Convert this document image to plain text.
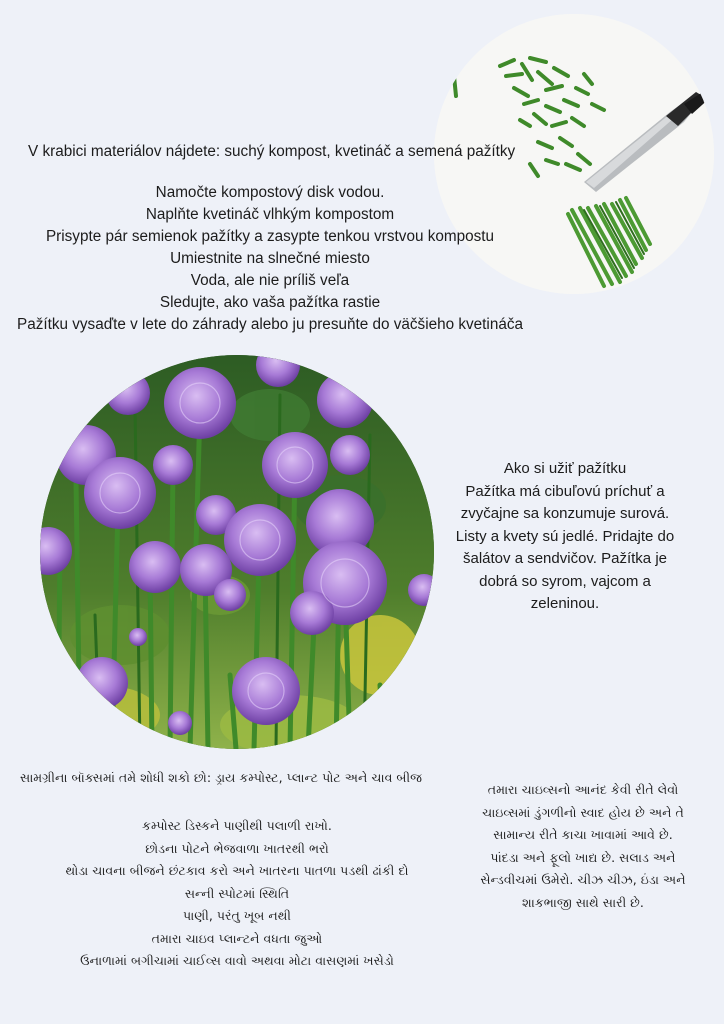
V krabici materiálov nájdete: suchý kompost, kvetináč a semená pažítky
Namočte kompostový disk vodou.
Naplňte kvetináč vlhkým kompostom
Prisypte pár semienok pažítky a zasypte tenkou vrstvou kompostu
Umiestnite na slnečné miesto
Voda, ale nie príliš veľa
Sledujte, ako vaša pažítka rastie
Pažítku vysaďte v lete do záhrady alebo ju presuňte do väčšieho kvetináča
Ako si užiť pažítku
Pažítka má cibuľovú príchuť a zvyčajne sa konzumuje surová. Listy a kvety sú jedlé. Pridajte do šalátov a sendvičov. Pažítka je dobrá so syrom, vajcom a zeleninou.
સામગ્રીના બૉક્સમાં તમે શોધી શકો છો: ડ્રાય કમ્પોસ્ટ, પ્લાન્ટ પોટ અને ચાવ બીજ
કમ્પોસ્ટ ડિસ્કને પાણીથી પલાળી રાખો.
છોડના પોટને ભેજવાળા ખાતરથી ભરો
થોડા ચાવના બીજને છંટકાવ કરો અને ખાતરના પાતળા પડથી ઢાંકી દો
સન્ની સ્પોટમાં સ્થિતિ
પાણી, પરંતુ ખૂબ નથી
તમારા ચાઇવ પ્લાન્ટને વધતા જુઓ
ઉનાળામાં બગીચામાં ચાઈવ્સ વાવો અથવા મોટા વાસણમાં ખસેડો
તમારા ચાઇવ્સનો આનંદ કેવી રીતે લેવો
ચાઇવ્સમાં ડુંગળીનો સ્વાદ હોય છે અને તે સામાન્ય રીતે કાચા ખાવામાં આવે છે. પાંદડા અને ફૂલો ખાદ્ય છે. સલાડ અને સેન્ડવીચમાં ઉમેરો. ચીઝ ચીઝ, ઇંડા અને શાકભાજી સાથે સારી છે.
